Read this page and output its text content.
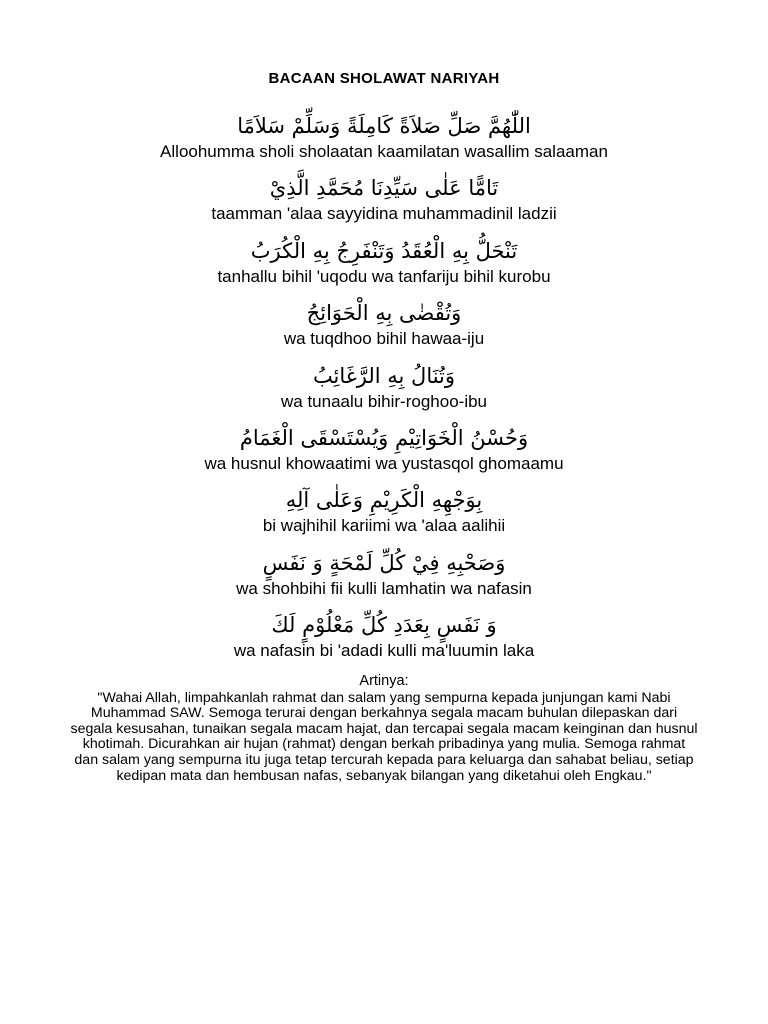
BACAAN SHOLAWAT NARIYAH
اللّٰهُمَّ صَلِّ صَلاَةً كَامِلَةً وَسَلِّمْ سَلاَمًا
Alloohumma sholi sholaatan kaamilatan wasallim salaaman
تَامًّا عَلٰى سَيِّدِنَا مُحَمَّدِ الَّذِيْ
taamman 'alaa sayyidina muhammadinil ladzii
تَنْحَلُّ بِهِ الْعُقَدُ وَتَنْفَرِجُ بِهِ الْكُرَبُ
tanhallu bihil 'uqodu wa tanfariju bihil kurobu
وَتُقْضٰى بِهِ الْحَوَائِجُ
wa tuqdhoo bihil hawaa-iju
وَتُنَالُ بِهِ الرَّغَائِبُ
wa tunaalu bihir-roghoo-ibu
وَحُسْنُ الْخَوَاتِيْمِ وَيُسْتَسْقَى الْغَمَامُ
wa husnul khowaatimi wa yustasqol ghomaamu
بِوَجْهِهِ الْكَرِيْمِ وَعَلٰى آلِهِ
bi wajhihil kariimi wa 'alaa aalihii
وَصَحْبِهِ فِيْ كُلِّ لَمْحَةٍ وَ نَفَسٍ
wa shohbihi fii kulli lamhatin wa nafasin
وَ نَفَسٍ بِعَدَدِ كُلِّ مَعْلُوْمٍ لَكَ
wa nafasin bi 'adadi kulli ma'luumin laka
Artinya:
"Wahai Allah, limpahkanlah rahmat dan salam yang sempurna kepada junjungan kami Nabi Muhammad SAW. Semoga terurai dengan berkahnya segala macam buhulan dilepaskan dari segala kesusahan, tunaikan segala macam hajat, dan tercapai segala macam keinginan dan husnul khotimah. Dicurahkan air hujan (rahmat) dengan berkah pribadinya yang mulia. Semoga rahmat dan salam yang sempurna itu juga tetap tercurah kepada para keluarga dan sahabat beliau, setiap kedipan mata dan hembusan nafas, sebanyak bilangan yang diketahui oleh Engkau."
